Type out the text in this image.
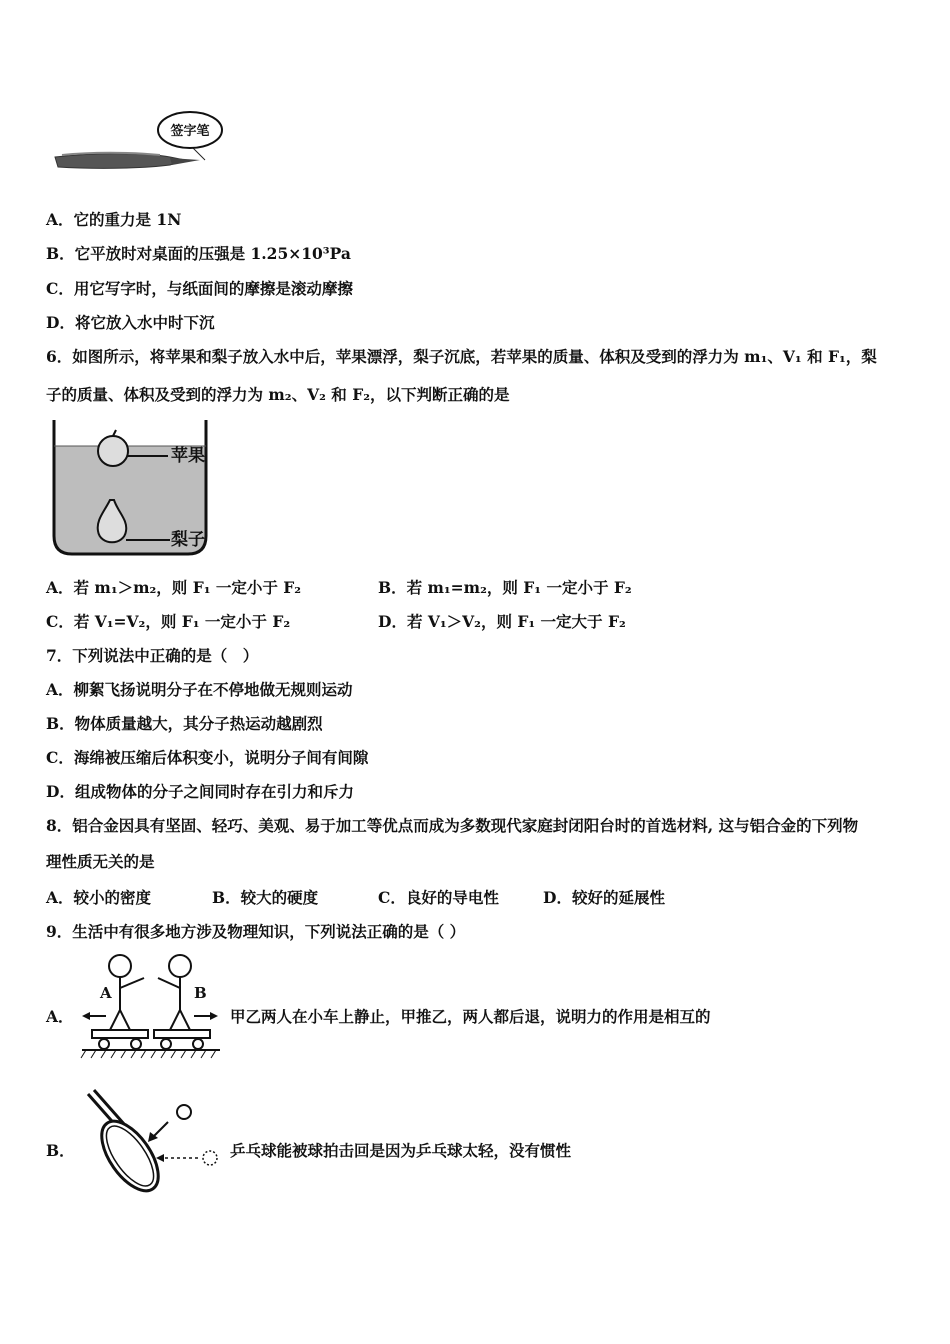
签字笔
A．它的重力是 1N
B．它平放时对桌面的压强是 1.25×10³Pa
C．用它写字时，与纸面间的摩擦是滚动摩擦
D．将它放入水中时下沉
6．如图所示，将苹果和梨子放入水中后，苹果漂浮，梨子沉底，若苹果的质量、体积及受到的浮力为 m₁、V₁ 和 F₁，梨
子的质量、体积及受到的浮力为 m₂、V₂ 和 F₂，以下判断正确的是
苹果
梨子
A．若 m₁＞m₂，则 F₁ 一定小于 F₂	B．若 m₁=m₂，则 F₁ 一定小于 F₂
C．若 V₁=V₂，则 F₁ 一定小于 F₂	D．若 V₁＞V₂，则 F₁ 一定大于 F₂
7．下列说法中正确的是（　）
A．柳絮飞扬说明分子在不停地做无规则运动
B．物体质量越大，其分子热运动越剧烈
C．海绵被压缩后体积变小，说明分子间有间隙
D．组成物体的分子之间同时存在引力和斥力
8．铝合金因具有坚固、轻巧、美观、易于加工等优点而成为多数现代家庭封闭阳台时的首选材料, 这与铝合金的下列物
理性质无关的是
A．较小的密度	B．较大的硬度	C．良好的导电性	D．较好的延展性
9．生活中有很多地方涉及物理知识，下列说法正确的是（ ）
A．
A	B
甲乙两人在小车上静止，甲推乙，两人都后退，说明力的作用是相互的
B．	乒乓球能被球拍击回是因为乒乓球太轻，没有惯性
